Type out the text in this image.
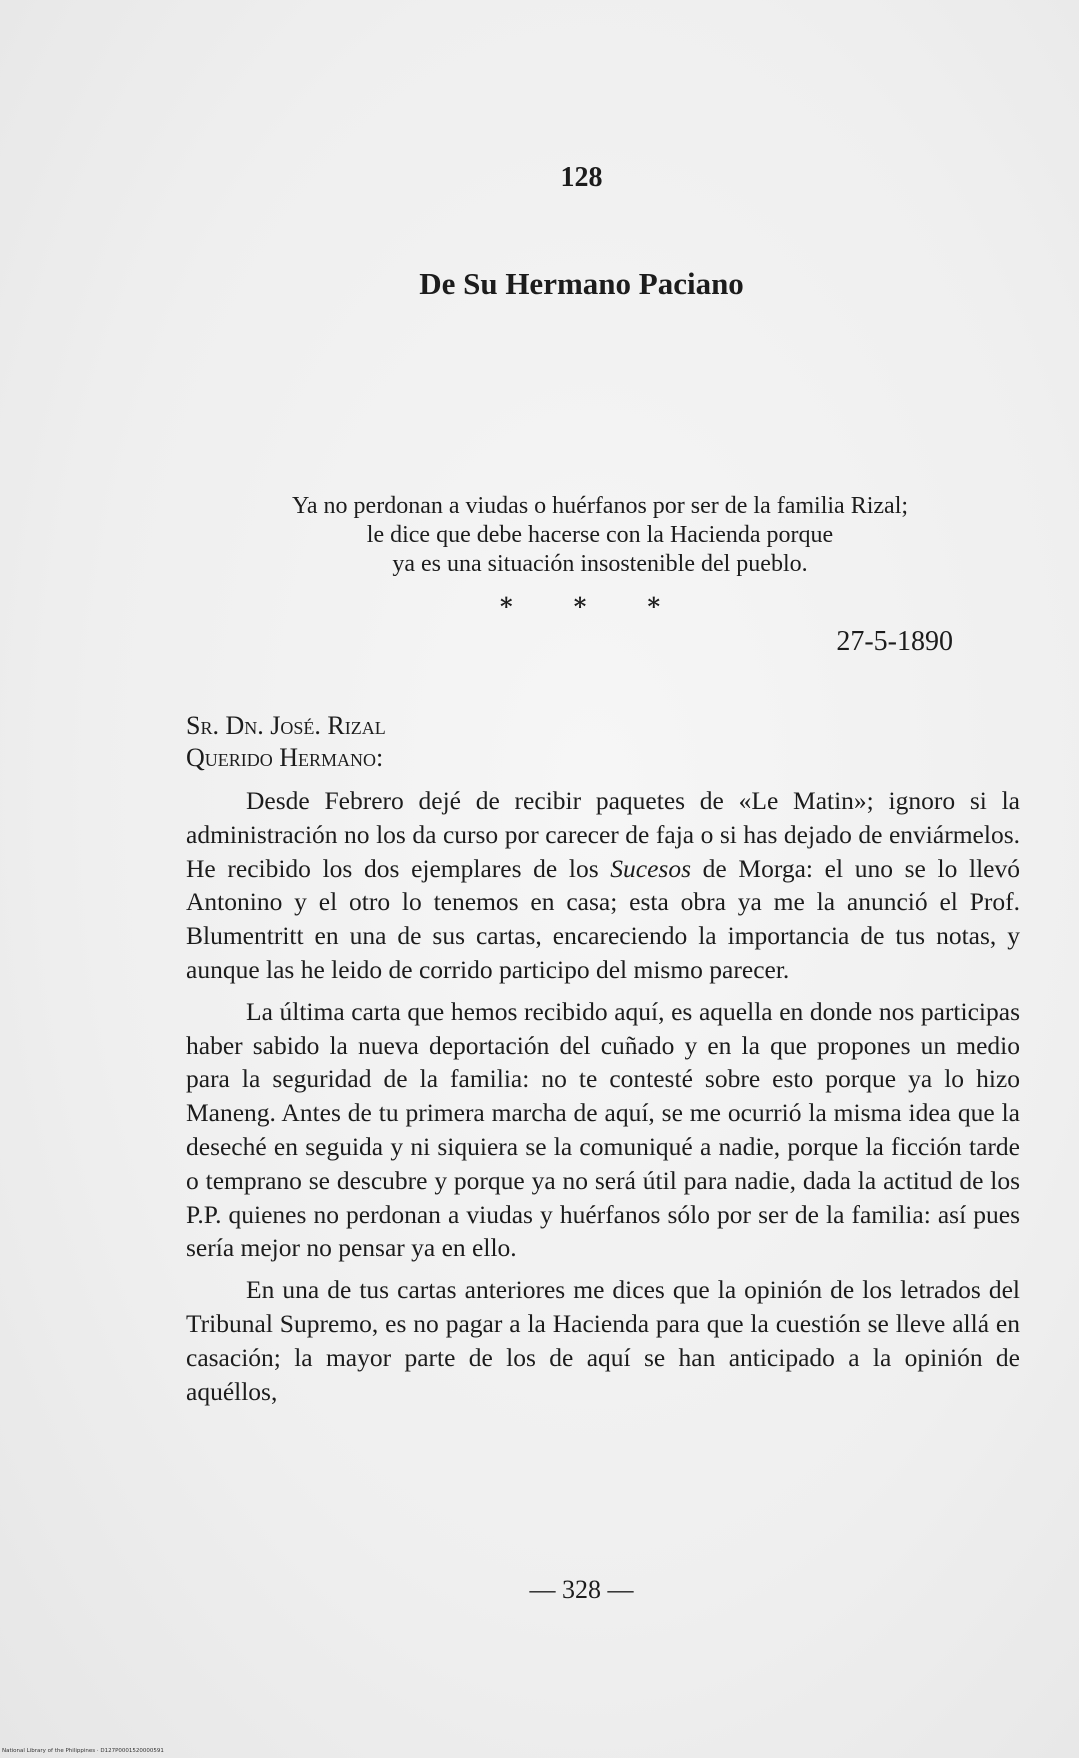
128
De Su Hermano Paciano

Ya no perdonan a viudas o huérfanos por ser de la familia Rizal;

le dice que debe hacerse con la Hacienda porque

ya es una situación insostenible del pueblo.

*	*	*
27-5-1890
Sr. Dn. José. Rizal
Querido Hermano:

Desde Febrero dejé de recibir paquetes de «Le Matin»; ignoro si la administración no los da curso por carecer de faja o si has dejado de enviármelos. He recibido los dos ejemplares de los Sucesos de Morga: el uno se lo llevó Antonino y el otro lo tenemos en casa; esta obra ya me la anunció el Prof. Blumentritt en una de sus cartas, encareciendo la importancia de tus notas, y aunque las he leido de corrido participo del mismo parecer.

La última carta que hemos recibido aquí, es aquella en donde nos participas haber sabido la nueva deportación del cuñado y en la que propones un medio para la seguridad de la familia: no te contesté sobre esto porque ya lo hizo Maneng. Antes de tu primera marcha de aquí, se me ocurrió la misma idea que la deseché en seguida y ni siquiera se la comuniqué a nadie, porque la ficción tarde o temprano se descubre y porque ya no será útil para nadie, dada la actitud de los P.P. quienes no perdonan a viudas y huérfanos sólo por ser de la familia: así pues sería mejor no pensar ya en ello.

En una de tus cartas anteriores me dices que la opinión de los letrados del Tribunal Supremo, es no pagar a la Hacienda para que la cuestión se lleve allá en casación; la mayor parte de los de aquí se han anticipado a la opinión de aquéllos,

— 328 —
National Library of the Philippines · D127P0001520000591
